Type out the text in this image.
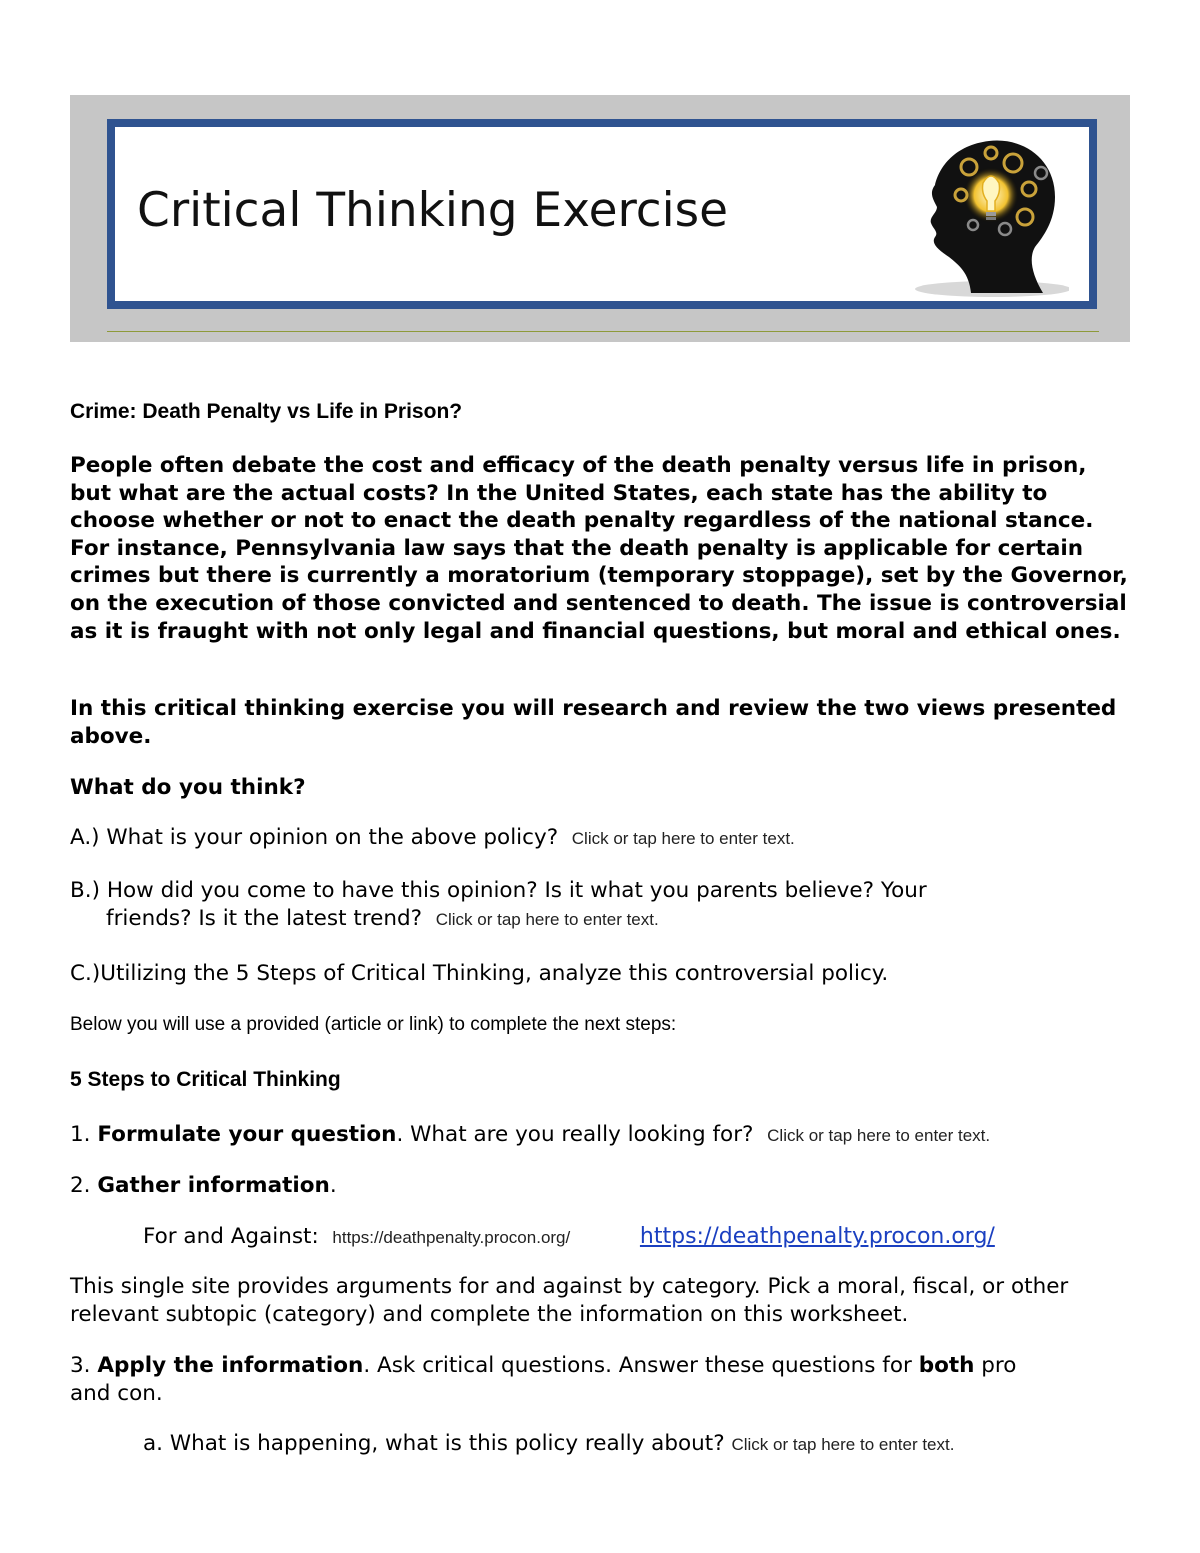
Critical Thinking Exercise
Crime: Death Penalty vs Life in Prison?
People often debate the cost and efficacy of the death penalty versus life in prison, but what are the actual costs? In the United States, each state has the ability to choose whether or not to enact the death penalty regardless of the national stance. For instance, Pennsylvania law says that the death penalty is applicable for certain crimes but there is currently a moratorium (temporary stoppage), set by the Governor, on the execution of those convicted and sentenced to death. The issue is controversial as it is fraught with not only legal and financial questions, but moral and ethical ones.
In this critical thinking exercise you will research and review the two views presented above.
What do you think?
A.) What is your opinion on the above policy? Click or tap here to enter text.
B.) How did you come to have this opinion? Is it what you parents believe? Your
friends? Is it the latest trend? Click or tap here to enter text.
C.)Utilizing the 5 Steps of Critical Thinking, analyze this controversial policy.
Below you will use a provided (article or link) to complete the next steps:
5 Steps to Critical Thinking
1. Formulate your question. What are you really looking for? Click or tap here to enter text.
2. Gather information.
For and Against: https://deathpenalty.procon.org/	https://deathpenalty.procon.org/
This single site provides arguments for and against by category. Pick a moral, fiscal, or other relevant subtopic (category) and complete the information on this worksheet.
3. Apply the information. Ask critical questions. Answer these questions for both pro
and con.
a. What is happening, what is this policy really about? Click or tap here to enter text.
